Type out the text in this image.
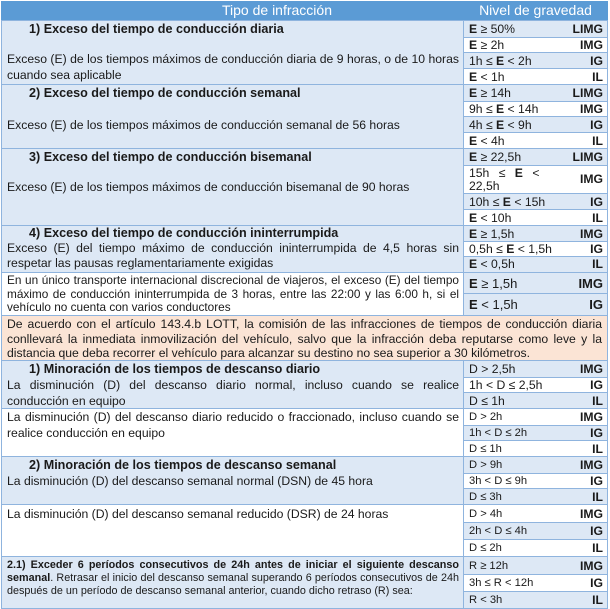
Tipo de infracción	Nivel de gravedad
1) Exceso del tiempo de conducción diaria
Exceso (E) de los tiempos máximos de conducción diaria de 9 horas, o de 10 horas cuando sea aplicable
E ≥ 50%	LIMG
E ≥ 2h	IMG
1h ≤ E < 2h	IG
E < 1h	IL
2) Exceso del tiempo de conducción semanal
Exceso (E) de los tiempos máximos de conducción semanal de 56 horas
E ≥ 14h	LIMG
9h ≤ E < 14h	IMG
4h ≤ E < 9h	IG
E < 4h	IL
3) Exceso del tiempo de conducción bisemanal
Exceso (E) de los tiempos máximos de conducción bisemanal de 90 horas
E ≥ 22,5h	LIMG
15h ≤ E < 22,5h	IMG
10h ≤ E < 15h	IG
E < 10h	IL
4) Exceso del tiempo de conducción ininterrumpida
Exceso (E) del tiempo máximo de conducción ininterrumpida de 4,5 horas sin respetar las pausas reglamentariamente exigidas
E ≥ 1,5h	IMG
0,5h ≤ E < 1,5h	IG
E < 0,5h	IL
En un único transporte internacional discrecional de viajeros, el exceso (E) del tiempo máximo de conducción ininterrumpida de 3 horas, entre las 22:00 y las 6:00 h, si el vehículo no cuenta con varios conductores
E ≥ 1,5h	IMG
E < 1,5h	IG
De acuerdo con el artículo 143.4.b LOTT, la comisión de las infracciones de tiempos de conducción diaria conllevará la inmediata inmovilización del vehículo, salvo que la infracción deba reputarse como leve y la distancia que deba recorrer el vehículo para alcanzar su destino no sea superior a 30 kilómetros.
1) Minoración de los tiempos de descanso diario
La disminución (D) del descanso diario normal, incluso cuando se realice conducción en equipo
D > 2,5h	IMG
1h < D ≤ 2,5h	IG
D ≤ 1h	IL
La disminución (D) del descanso diario reducido o fraccionado, incluso cuando se realice conducción en equipo
D > 2h	IMG
1h < D ≤ 2h	IG
D ≤ 1h	IL
2) Minoración de los tiempos de descanso semanal
La disminución (D) del descanso semanal normal (DSN) de 45 hora
D > 9h	IMG
3h < D ≤ 9h	IG
D ≤ 3h	IL
La disminución (D) del descanso semanal reducido (DSR) de 24 horas	D > 4h	IMG
2h < D ≤ 4h	IG
D ≤ 2h	IL
2.1) Exceder 6 períodos consecutivos de 24h antes de iniciar el siguiente descanso semanal. Retrasar el inicio del descanso semanal superando 6 períodos consecutivos de 24h después de un período de descanso semanal anterior, cuando dicho retraso (R) sea:
R ≥ 12h	IMG
3h ≤ R < 12h	IG
R < 3h	IL
